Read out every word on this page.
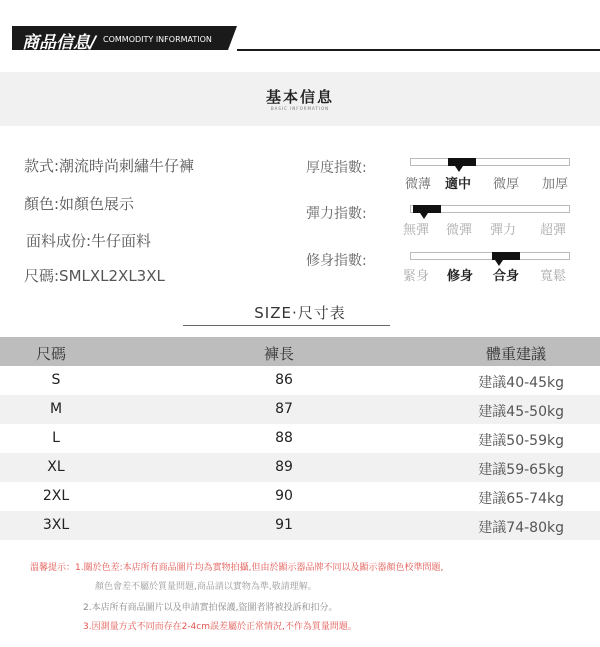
商品信息/ COMMODITY INFORMATION
基本信息
BASIC INFORMATION
款式:潮流時尚刺繡牛仔褲
顏色:如顏色展示
面料成份:牛仔面料
尺碼:SMLXL2XL3XL
厚度指數:
微薄	適中	微厚	加厚
彈力指數:
無彈	微彈	彈力	超彈
修身指數:
緊身	修身	合身	寬鬆
SIZE·尺寸表
尺碼	褲長	體重建議
S	86	建議40-45kg
M	87	建議45-50kg
L	88	建議50-59kg
XL	89	建議59-65kg
2XL	90	建議65-74kg
3XL	91	建議74-80kg
溫馨提示：1.關於色差:本店所有商品圖片均為實物拍攝,但由於顯示器品牌不同以及顯示器顏色校準問題,
顏色會差不屬於質量問題,商品請以實物為準,敬請理解。
2.本店所有商品圖片以及申請實拍保護,盜圖者將被投訴和扣分。
3.因測量方式不同而存在2-4cm誤差屬於正常情況,不作為質量問題。
